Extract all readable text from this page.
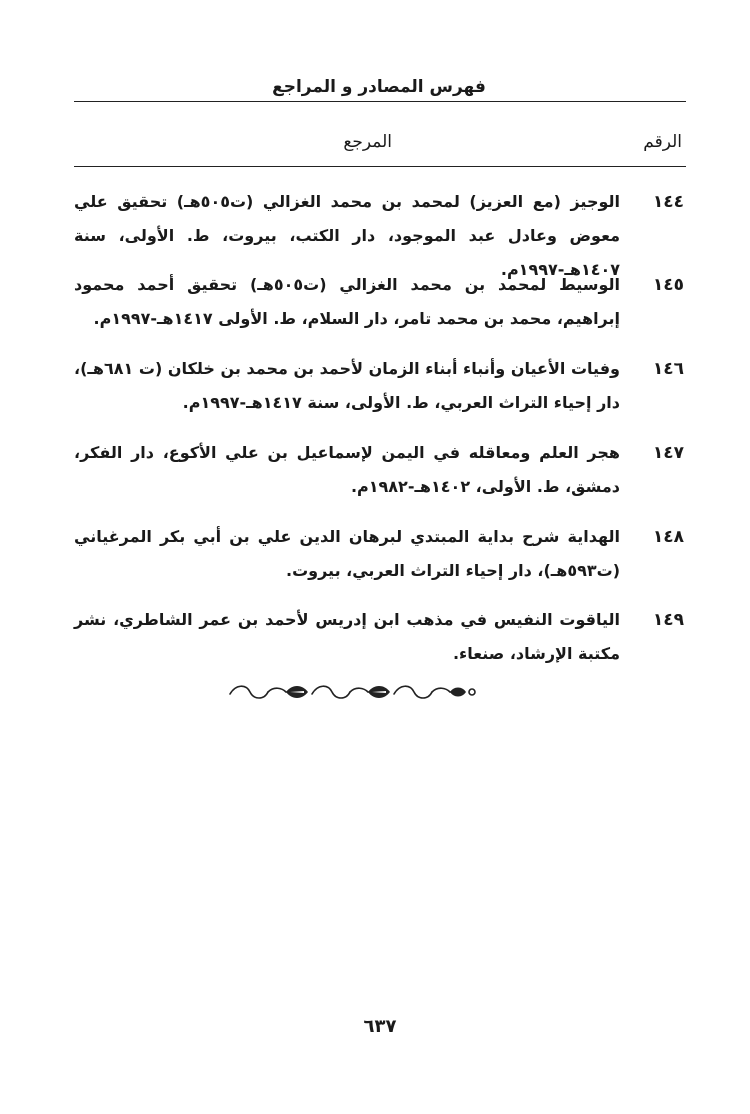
فهرس المصادر و المراجع
الرقم
المرجع
١٤٤
الوجيز (مع العزيز) لمحمد بن محمد الغزالي (ت٥٠٥هـ) تحقيق علي معوض وعادل عبد الموجود، دار الكتب، بيروت، ط. الأولى، سنة ١٤٠٧هـ-١٩٩٧م.
١٤٥
الوسيط لمحمد بن محمد الغزالي (ت٥٠٥هـ) تحقيق أحمد محمود إبراهيم، محمد بن محمد تامر، دار السلام، ط. الأولى ١٤١٧هـ-١٩٩٧م.
١٤٦
وفيات الأعيان وأنباء أبناء الزمان لأحمد بن محمد بن خلكان (ت ٦٨١هـ)، دار إحياء التراث العربي، ط. الأولى، سنة ١٤١٧هـ-١٩٩٧م.
١٤٧
هجر العلم ومعاقله في اليمن لإسماعيل بن علي الأكوع، دار الفكر، دمشق، ط. الأولى، ١٤٠٢هـ-١٩٨٢م.
١٤٨
الهداية شرح بداية المبتدي لبرهان الدين علي بن أبي بكر المرغياني (ت٥٩٣هـ)، دار إحياء التراث العربي، بيروت.
١٤٩
الياقوت النفيس في مذهب ابن إدريس لأحمد بن عمر الشاطري، نشر مكتبة الإرشاد، صنعاء.
٦٣٧
